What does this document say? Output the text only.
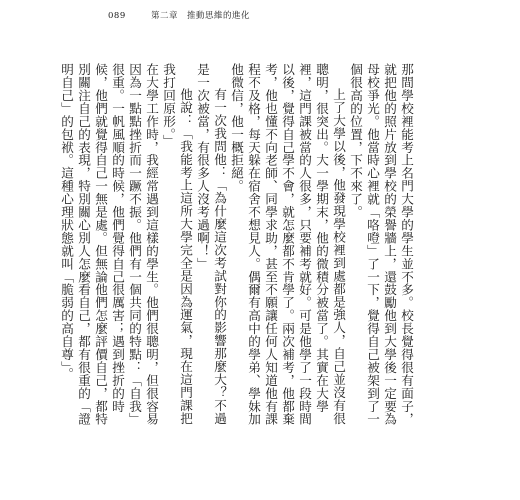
089	第二章　推動思維的進化

那間學校裡能考上名門大學的學生並不多。校長覺得很有面子，就把他的照片放到學校的榮譽牆上，還鼓勵他到大學後一定要為母校爭光。他當時心裡就「咯噔」了一下，覺得自己被架到了一個很高的位置，下不來了。

上了大學以後，他發現學校裡到處都是強人，自己並沒有很聰明，很突出。大一學期末，他的微積分被當了。其實在大學裡，這門課被當的人很多，只要補考就好。可是他學了一段時間以後，覺得自己學不會，就怎麼都不肯學了。兩次補考，他都棄考，他也懂不向老師、同學求助，甚至不願讓任何人知道他有課程不及格，每天躲在宿舍不想見人。偶爾有高中的學弟、學妹加他微信，他一概拒絕。

有一次我問他：「為什麼這次考試對你的影響那麼大？不過是一次被當，有很多人沒考過啊！」

他說：「我能考上這所大學完全是因為運氣，現在這門課把我打回原形。」

在大學工作時，我經常遇到這樣的學生。他們很聰明，但很容易因為一點點挫折而一蹶不振。他們有一個共同的特點：「自我」很重。一帆風順的時候，他們覺得自己很厲害；遇到挫折的時候，他們就覺得自己一無是處。但無論他們怎麼評價自己，都特別關注自己的表現，特別關心別人怎麼看自己，都有很重的「證明自己」的包袱。這種心理狀態就叫「脆弱的高自尊」。
